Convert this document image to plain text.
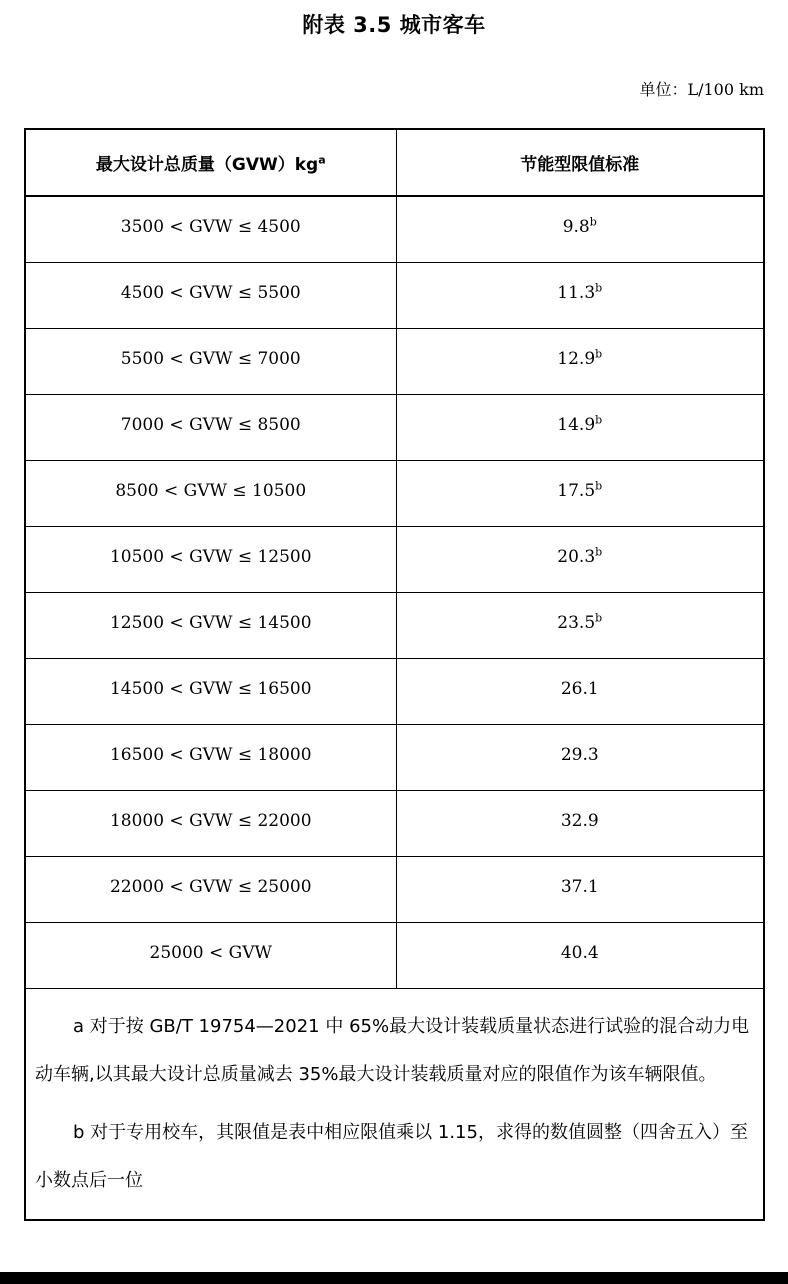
附表 3.5 城市客车
单位：L/100 km
最大设计总质量$(GVW)kg^a$	节能型限值标准
3500 < GVW ≤ 4500	9.8$^b$
4500 < GVW ≤ 5500	11.3$^b$
5500 < GVW ≤ 7000	12.9$^b$
7000 < GVW ≤ 8500	14.9$^b$
8500 < GVW ≤ 10500	17.5$^b$
10500 < GVW ≤ 12500	20.3$^b$
12500 < GVW ≤ 14500	23.5$^b$
14500 < GVW ≤ 16500	26.1
16500 < GVW ≤ 18000	29.3
18000 < GVW ≤ 22000	32.9
22000 < GVW ≤ 25000	37.1
25000 < GVW	40.4

a 对于按 GB/T 19754—2021 中 65%最大设计装载质量状态进行试验的混合动力电动车辆,以其最大设计总质量减去 35%最大设计装载质量对应的限值作为该车辆限值。

b 对于专用校车，其限值是表中相应限值乘以 1.15，求得的数值圆整（四舍五入）至小数点后一位	
